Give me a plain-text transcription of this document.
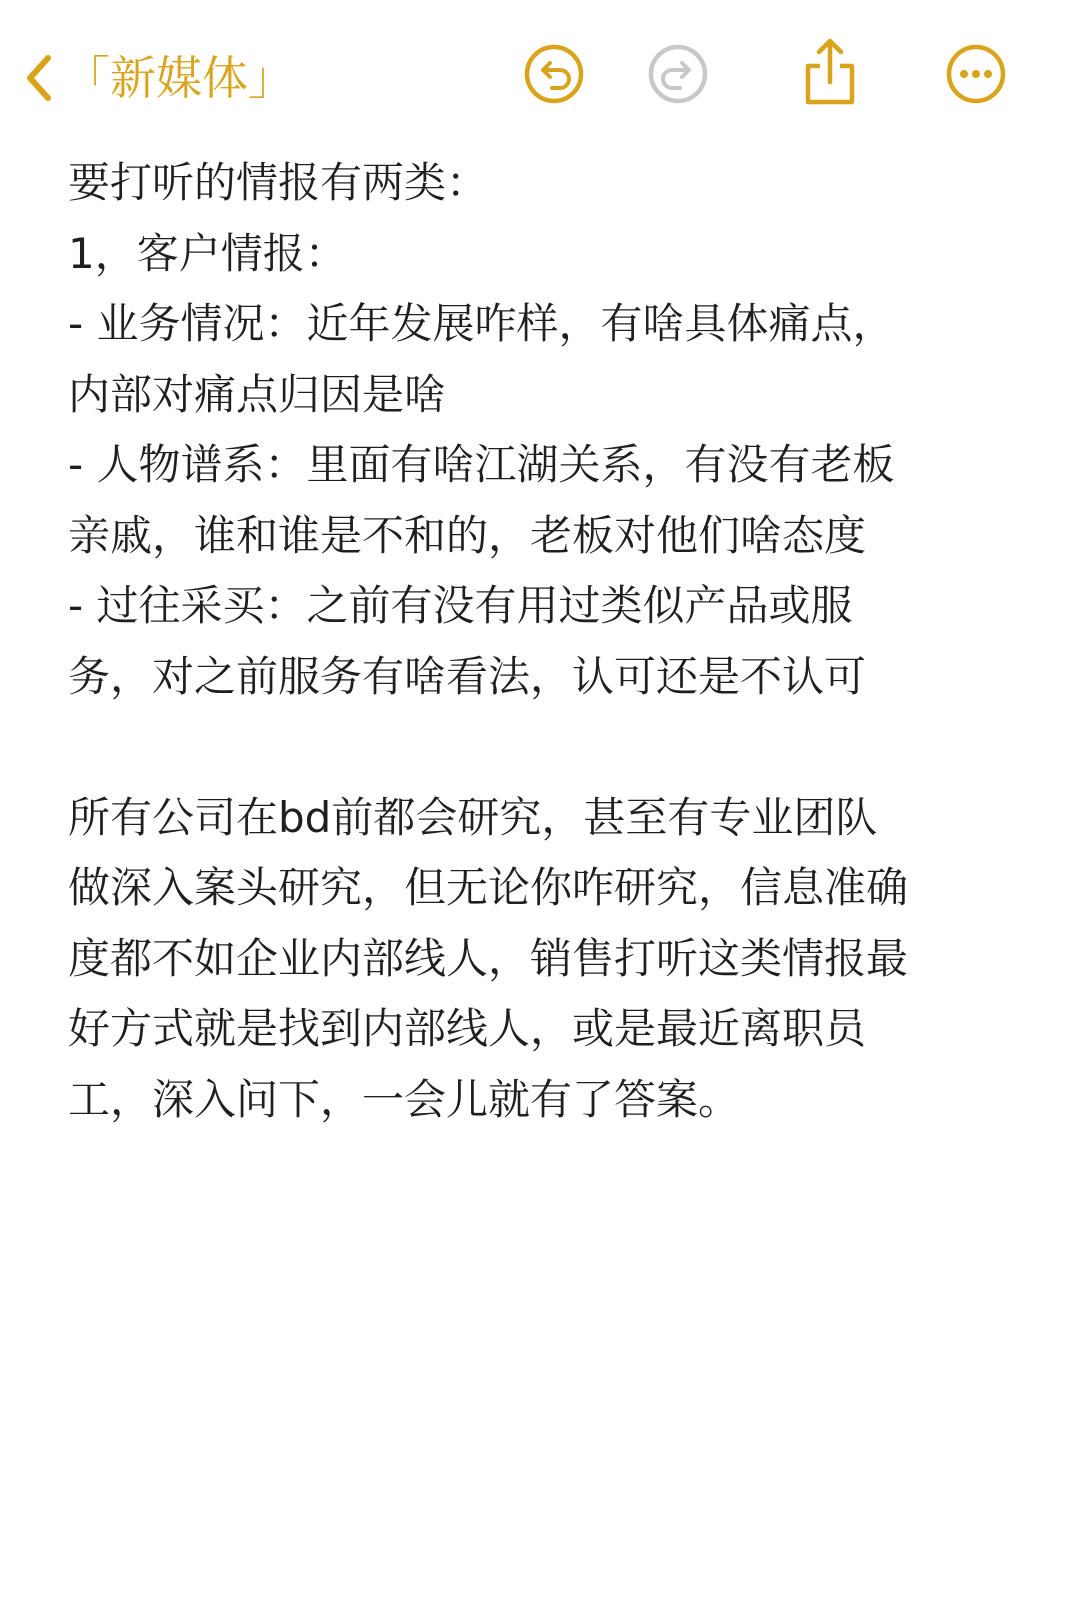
「新媒体」
要打听的情报有两类：
1，客户情报：
- 业务情况：近年发展咋样，有啥具体痛点，
内部对痛点归因是啥
- 人物谱系：里面有啥江湖关系，有没有老板
亲戚，谁和谁是不和的，老板对他们啥态度
- 过往采买：之前有没有用过类似产品或服
务，对之前服务有啥看法，认可还是不认可
所有公司在bd前都会研究，甚至有专业团队
做深入案头研究，但无论你咋研究，信息准确
度都不如企业内部线人，销售打听这类情报最
好方式就是找到内部线人，或是最近离职员
工，深入问下，一会儿就有了答案。
